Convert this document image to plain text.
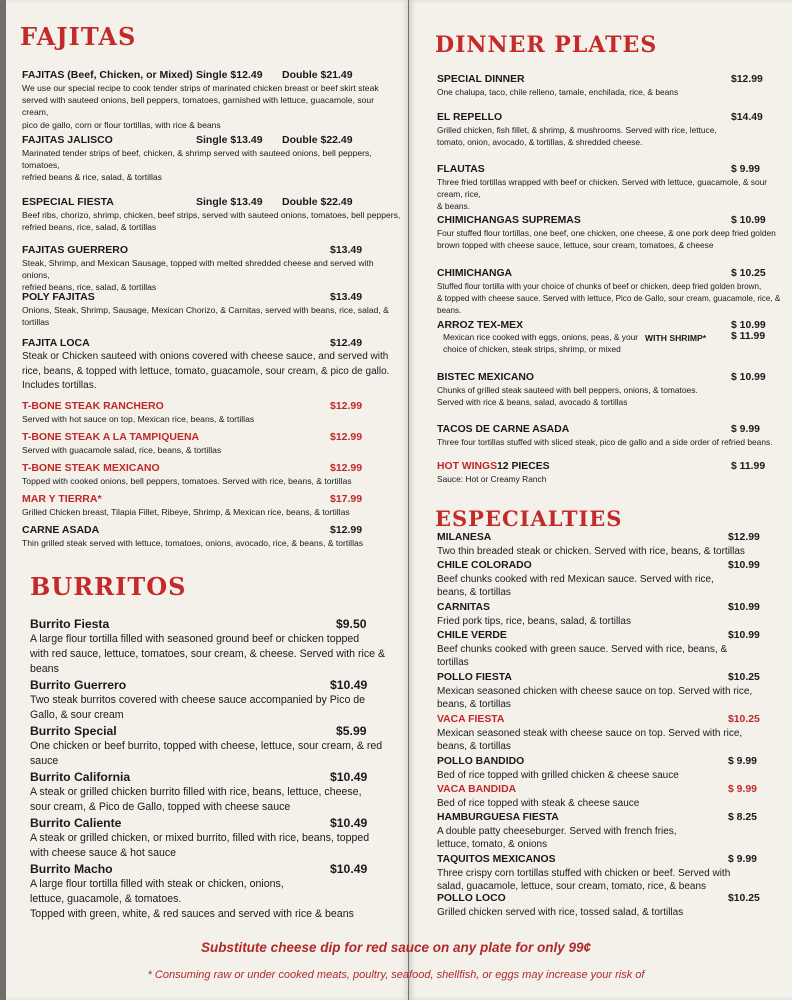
FAJITAS
FAJITAS (Beef, Chicken, or Mixed) Single $12.49 Double $21.49
We use our special recipe to cook tender strips of marinated chicken breast or beef skirt steak
served with sauteed onions, bell peppers, tomatoes, garnished with lettuce, guacamole, sour cream,
pico de gallo, corn or flour tortillas, with rice & beans
FAJITAS JALISCO	Single $13.49 Double $22.49
Marinated tender strips of beef, chicken, & shrimp served with sauteed onions, bell peppers,
tomatoes,
refried beans & rice, salad, & tortillas
ESPECIAL FIESTA	Single $13.49 Double $22.49
Beef ribs, chorizo, shrimp, chicken, beef strips, served with sauteed onions, tomatoes, bell peppers,
refried beans, rice, salad, & tortillas
FAJITAS GUERRERO	$13.49
Steak, Shrimp, and Mexican Sausage, topped with melted shredded cheese and served with onions,
refried beans, rice, salad, & tortillas
POLY FAJITAS	$13.49
Onions, Steak, Shrimp, Sausage, Mexican Chorizo, & Carnitas, served with beans, rice, salad, &
tortillas
FAJITA LOCA	$12.49
Steak or Chicken sauteed with onions covered with cheese sauce, and served with
rice, beans, & topped with lettuce, tomato, guacamole, sour cream, & pico de gallo.
Includes tortillas.
T-BONE STEAK RANCHERO	$12.99
Served with hot sauce on top, Mexican rice, beans, & tortillas
T-BONE STEAK A LA TAMPIQUENA	$12.99
Served with guacamole salad, rice, beans, & tortillas
T-BONE STEAK MEXICANO	$12.99
Topped with cooked onions, bell peppers, tomatoes. Served with rice, beans, & tortillas
MAR Y TIERRA*	$17.99
Grilled Chicken breast, Tilapia Fillet, Ribeye, Shrimp, & Mexican rice, beans, & tortillas
CARNE ASADA	$12.99
Thin grilled steak served with lettuce, tomatoes, onions, avocado, rice, & beans, & tortillas
BURRITOS
Burrito Fiesta	$9.50
A large flour tortilla filled with seasoned ground beef or chicken topped
with red sauce, lettuce, tomatoes, sour cream, & cheese. Served with rice &
beans
Burrito Guerrero	$10.49
Two steak burritos covered with cheese sauce accompanied by Pico de
Gallo, & sour cream
Burrito Special	$5.99
One chicken or beef burrito, topped with cheese, lettuce, sour cream, & red
sauce
Burrito California	$10.49
A steak or grilled chicken burrito filled with rice, beans, lettuce, cheese,
sour cream, & Pico de Gallo, topped with cheese sauce
Burrito Caliente	$10.49
A steak or grilled chicken, or mixed burrito, filled with rice, beans, topped
with cheese sauce & hot sauce
Burrito Macho	$10.49
A large flour tortilla filled with steak or chicken, onions,
lettuce, guacamole, & tomatoes.
Topped with green, white, & red sauces and served with rice & beans
DINNER PLATES
SPECIAL DINNER	$12.99
One chalupa, taco, chile relleno, tamale, enchilada, rice, & beans
EL REPELLO	$14.49
Grilled chicken, fish fillet, & shrimp, & mushrooms. Served with rice, lettuce,
tomato, onion, avocado, & tortillas, & shredded cheese.
FLAUTAS	$ 9.99
Three fried tortillas wrapped with beef or chicken. Served with lettuce, guacamole, & sour cream, rice,
& beans.
CHIMICHANGAS SUPREMAS	$ 10.99
Four stuffed flour tortillas, one beef, one chicken, one cheese, & one pork deep fried golden
brown topped with cheese sauce, lettuce, sour cream, tomatoes, & cheese
CHIMICHANGA	$ 10.25
Stuffed flour tortilla with your choice of chunks of beef or chicken, deep fried golden brown,
& topped with cheese sauce. Served with lettuce, Pico de Gallo, sour cream, guacamole, rice, & beans.
ARROZ TEX-MEX	$ 10.99
WITH SHRIMP* $ 11.99
Mexican rice cooked with eggs, onions, peas, & your
choice of chicken, steak strips, shrimp, or mixed
BISTEC MEXICANO	$ 10.99
Chunks of grilled steak sauteed with bell peppers, onions, & tomatoes.
Served with rice & beans, salad, avocado & tortillas
TACOS DE CARNE ASADA	$ 9.99
Three four tortillas stuffed with sliced steak, pico de gallo and a side order of refried beans.
HOT WINGS 12 PIECES	$ 11.99
Sauce: Hot or Creamy Ranch
ESPECIALTIES
MILANESA	$12.99
Two thin breaded steak or chicken. Served with rice, beans, & tortillas
CHILE COLORADO	$10.99
Beef chunks cooked with red Mexican sauce. Served with rice,
beans, & tortillas
CARNITAS	$10.99
Fried pork tips, rice, beans, salad, & tortillas
CHILE VERDE	$10.99
Beef chunks cooked with green sauce. Served with rice, beans, &
tortillas
POLLO FIESTA	$10.25
Mexican seasoned chicken with cheese sauce on top. Served with rice,
beans, & tortillas
VACA FIESTA	$10.25
Mexican seasoned steak with cheese sauce on top. Served with rice,
beans, & tortillas
POLLO BANDIDO	$ 9.99
Bed of rice topped with grilled chicken & cheese sauce
VACA BANDIDA	$ 9.99
Bed of rice topped with steak & cheese sauce
HAMBURGUESA FIESTA	$ 8.25
A double patty cheeseburger. Served with french fries,
lettuce, tomato, & onions
TAQUITOS MEXICANOS	$ 9.99
Three crispy corn tortillas stuffed with chicken or beef. Served with
salad, guacamole, lettuce, sour cream, tomato, rice, & beans
POLLO LOCO	$10.25
Grilled chicken served with rice, tossed salad, & tortillas
Substitute cheese dip for red sauce on any plate for only 99¢
* Consuming raw or under cooked meats, poultry, seafood, shellfish, or eggs may increase your risk of
